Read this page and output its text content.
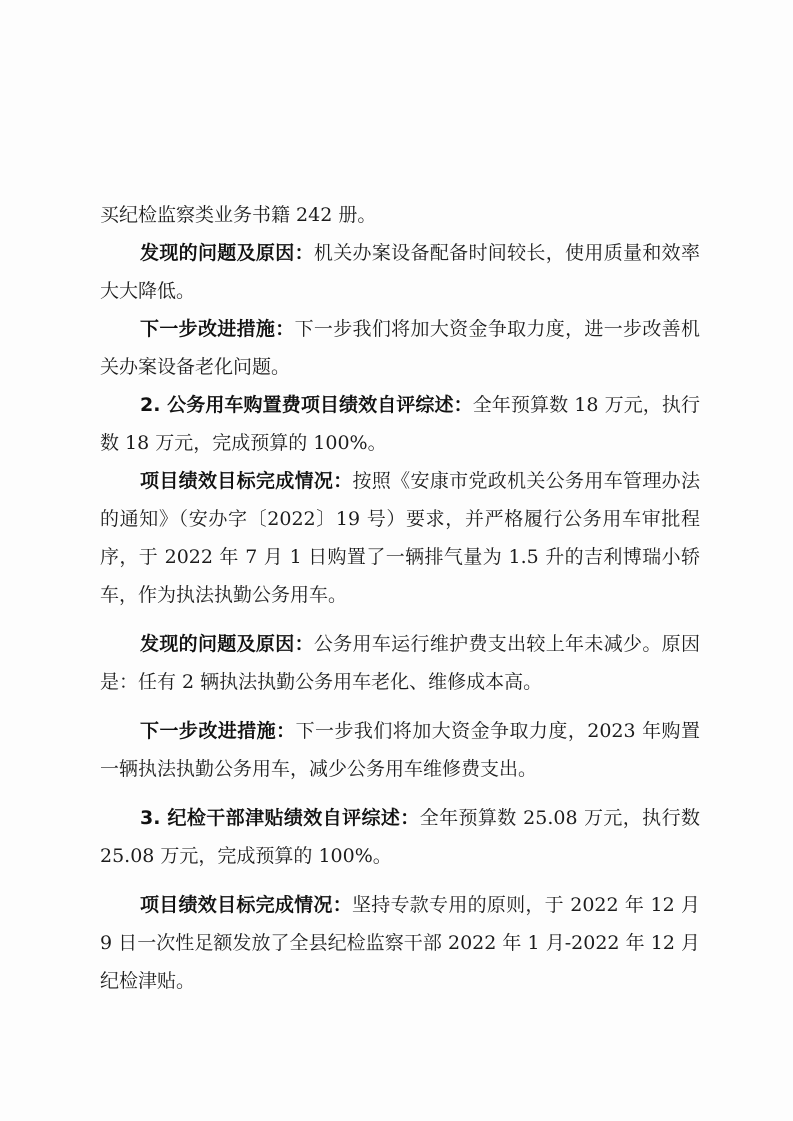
买纪检监察类业务书籍 242 册。

发现的问题及原因：机关办案设备配备时间较长，使用质量和效率大大降低。

下一步改进措施：下一步我们将加大资金争取力度，进一步改善机关办案设备老化问题。

2. 公务用车购置费项目绩效自评综述：全年预算数 18 万元，执行数 18 万元，完成预算的 100%。

项目绩效目标完成情况：按照《安康市党政机关公务用车管理办法的通知》（安办字〔2022〕19 号）要求，并严格履行公务用车审批程序，于 2022 年 7 月 1 日购置了一辆排气量为 1.5 升的吉利博瑞小轿车，作为执法执勤公务用车。

发现的问题及原因：公务用车运行维护费支出较上年未减少。原因是：任有 2 辆执法执勤公务用车老化、维修成本高。

下一步改进措施：下一步我们将加大资金争取力度，2023 年购置一辆执法执勤公务用车，减少公务用车维修费支出。

3. 纪检干部津贴绩效自评综述：全年预算数 25.08 万元，执行数 25.08 万元，完成预算的 100%。

项目绩效目标完成情况：坚持专款专用的原则，于 2022 年 12 月 9 日一次性足额发放了全县纪检监察干部 2022 年 1 月-2022 年 12 月纪检津贴。
